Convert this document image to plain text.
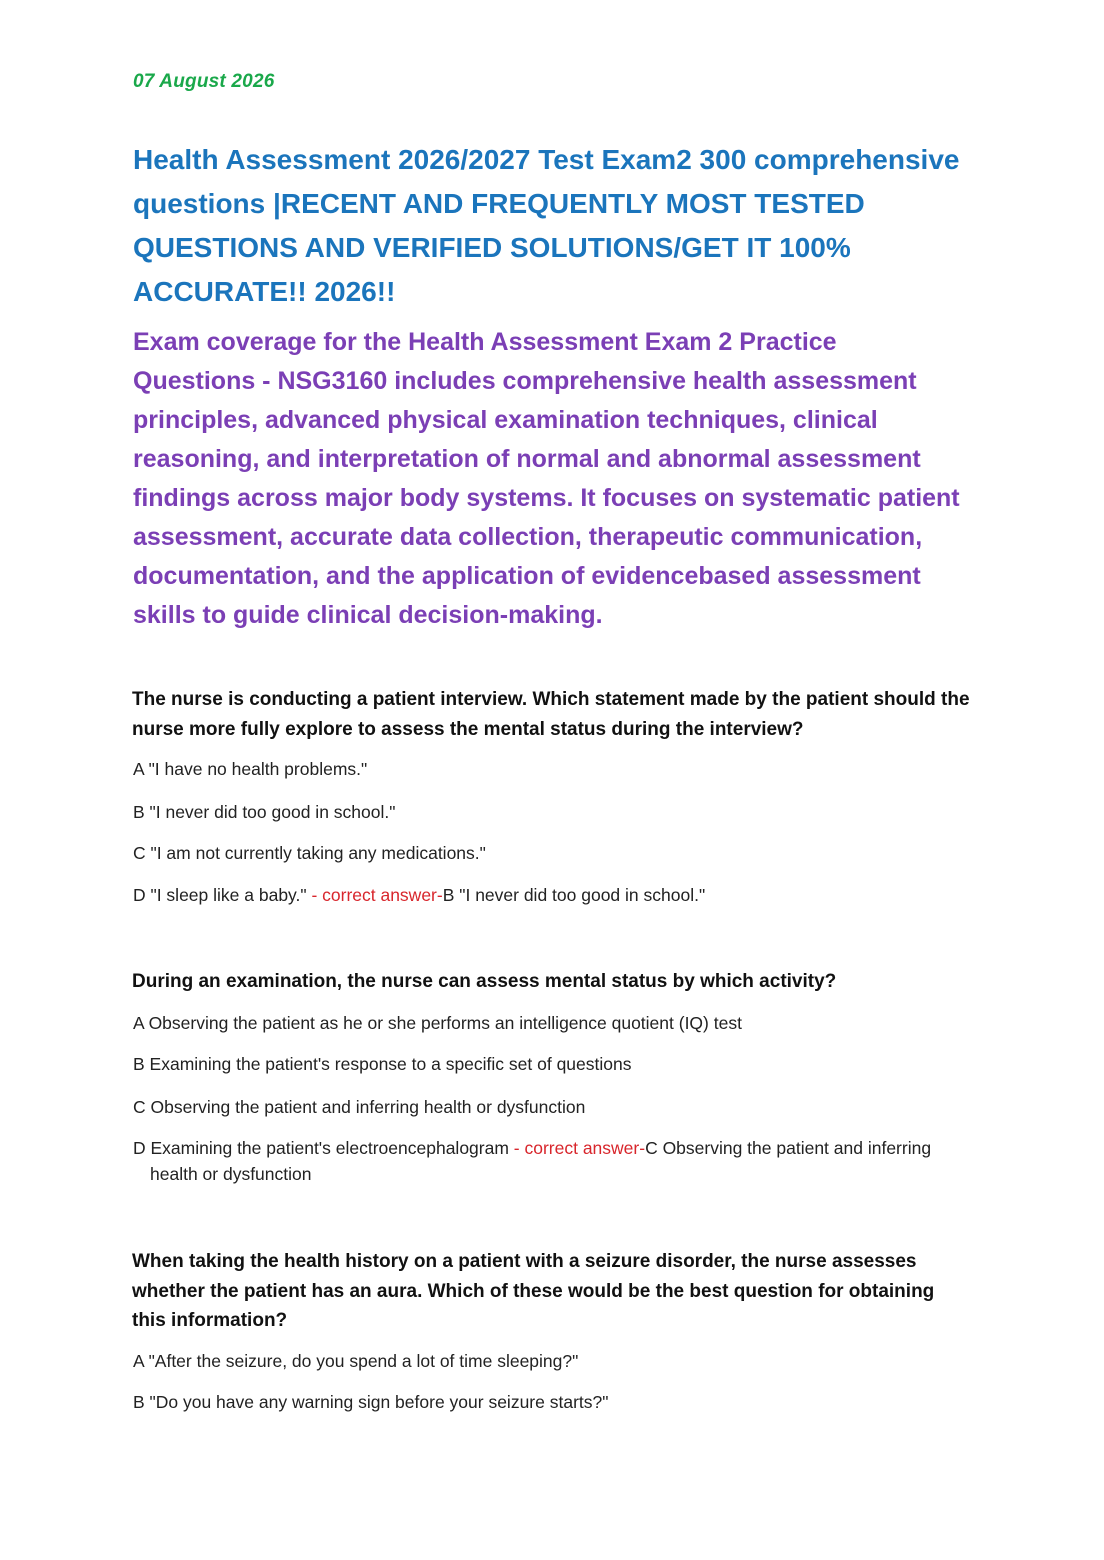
07 August 2026
Health Assessment 2026/2027 Test Exam2 300 comprehensive questions |RECENT AND FREQUENTLY MOST TESTED QUESTIONS AND VERIFIED SOLUTIONS/GET IT 100% ACCURATE!! 2026!!

Exam coverage for the Health Assessment Exam 2 Practice Questions - NSG3160 includes comprehensive health assessment principles, advanced physical examination techniques, clinical reasoning, and interpretation of normal and abnormal assessment findings across major body systems. It focuses on systematic patient assessment, accurate data collection, therapeutic communication, documentation, and the application of evidencebased assessment skills to guide clinical decision-making.

The nurse is conducting a patient interview. Which statement made by the patient should the nurse more fully explore to assess the mental status during the interview?

A "I have no health problems."
B "I never did too good in school."
C "I am not currently taking any medications."
D "I sleep like a baby." - correct answer-B "I never did too good in school."

During an examination, the nurse can assess mental status by which activity?

A Observing the patient as he or she performs an intelligence quotient (IQ) test
B Examining the patient's response to a specific set of questions
C Observing the patient and inferring health or dysfunction
D Examining the patient's electroencephalogram - correct answer-C Observing the patient and inferring health or dysfunction

When taking the health history on a patient with a seizure disorder, the nurse assesses whether the patient has an aura. Which of these would be the best question for obtaining this information?

A "After the seizure, do you spend a lot of time sleeping?"
B "Do you have any warning sign before your seizure starts?"
